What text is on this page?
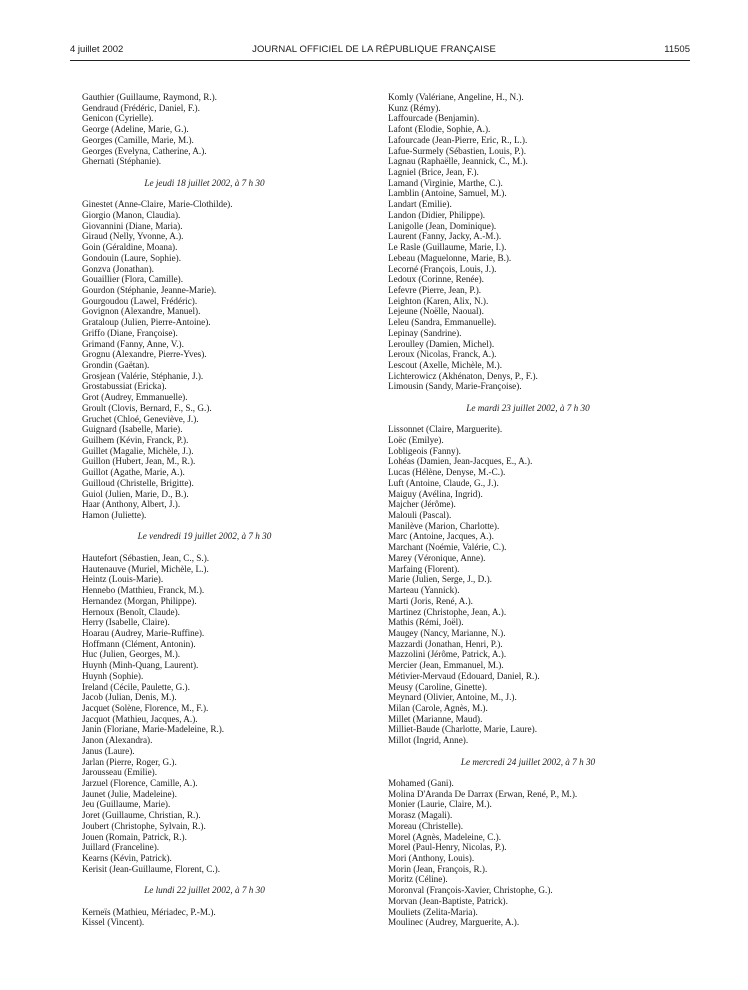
4 juillet 2002	JOURNAL OFFICIEL DE LA RÉPUBLIQUE FRANÇAISE	11505
Gauthier (Guillaume, Raymond, R.).
Gendraud (Frédéric, Daniel, F.).
Genicon (Cyrielle).
George (Adeline, Marie, G.).
Georges (Camille, Marie, M.).
Georges (Evelyna, Catherine, A.).
Ghernati (Stéphanie).
Le jeudi 18 juillet 2002, à 7 h 30
Ginestet (Anne-Claire, Marie-Clothilde).
Giorgio (Manon, Claudia).
Giovannini (Diane, Maria).
Giraud (Nelly, Yvonne, A.).
Goin (Géraldine, Moana).
Gondouin (Laure, Sophie).
Gonzva (Jonathan).
Gouaillier (Flora, Camille).
Gourdon (Stéphanie, Jeanne-Marie).
Gourgoudou (Lawel, Frédéric).
Govignon (Alexandre, Manuel).
Grataloup (Julien, Pierre-Antoine).
Griffo (Diane, Françoise).
Grimand (Fanny, Anne, V.).
Grognu (Alexandre, Pierre-Yves).
Grondin (Gaëtan).
Grosjean (Valérie, Stéphanie, J.).
Grostabussiat (Ericka).
Grot (Audrey, Emmanuelle).
Groult (Clovis, Bernard, F., S., G.).
Gruchet (Chloé, Geneviève, J.).
Guignard (Isabelle, Marie).
Guilhem (Kévin, Franck, P.).
Guillet (Magalie, Michèle, J.).
Guillon (Hubert, Jean, M., R.).
Guillot (Agathe, Marie, A.).
Guilloud (Christelle, Brigitte).
Guiol (Julien, Marie, D., B.).
Haar (Anthony, Albert, J.).
Hamon (Juliette).
Le vendredi 19 juillet 2002, à 7 h 30
Hautefort (Sébastien, Jean, C., S.).
Hautenauve (Muriel, Michèle, L.).
Heintz (Louis-Marie).
Hennebo (Matthieu, Franck, M.).
Hernandez (Morgan, Philippe).
Hernoux (Benoît, Claude).
Herry (Isabelle, Claire).
Hoarau (Audrey, Marie-Ruffine).
Hoffmann (Clément, Antonin).
Huc (Julien, Georges, M.).
Huynh (Minh-Quang, Laurent).
Huynh (Sophie).
Ireland (Cécile, Paulette, G.).
Jacob (Julian, Denis, M.).
Jacquet (Solène, Florence, M., F.).
Jacquot (Mathieu, Jacques, A.).
Janin (Floriane, Marie-Madeleine, R.).
Janon (Alexandra).
Janus (Laure).
Jarlan (Pierre, Roger, G.).
Jarousseau (Emilie).
Jarzuel (Florence, Camille, A.).
Jaunet (Julie, Madeleine).
Jeu (Guillaume, Marie).
Joret (Guillaume, Christian, R.).
Joubert (Christophe, Sylvain, R.).
Jouen (Romain, Patrick, R.).
Juillard (Franceline).
Kearns (Kévin, Patrick).
Kerisit (Jean-Guillaume, Florent, C.).
Le lundi 22 juillet 2002, à 7 h 30
Kerneïs (Mathieu, Mériadec, P.-M.).
Kissel (Vincent).
Komly (Valériane, Angeline, H., N.).
Kunz (Rémy).
Laffourcade (Benjamin).
Lafont (Elodie, Sophie, A.).
Lafourcade (Jean-Pierre, Eric, R., L.).
Lafue-Surmely (Sébastien, Louis, P.).
Lagnau (Raphaëlle, Jeannick, C., M.).
Lagniel (Brice, Jean, F.).
Lamand (Virginie, Marthe, C.).
Lamblin (Antoine, Samuel, M.).
Landart (Emilie).
Landon (Didier, Philippe).
Lanigolle (Jean, Dominique).
Laurent (Fanny, Jacky, A.-M.).
Le Rasle (Guillaume, Marie, I.).
Lebeau (Maguelonne, Marie, B.).
Lecorné (François, Louis, J.).
Ledoux (Corinne, Renée).
Lefevre (Pierre, Jean, P.).
Leighton (Karen, Alix, N.).
Lejeune (Noëlle, Naoual).
Leleu (Sandra, Emmanuelle).
Lepinay (Sandrine).
Leroulley (Damien, Michel).
Leroux (Nicolas, Franck, A.).
Lescout (Axelle, Michèle, M.).
Lichterowicz (Akhénaton, Denys, P., F.).
Limousin (Sandy, Marie-Françoise).
Le mardi 23 juillet 2002, à 7 h 30
Lissonnet (Claire, Marguerite).
Loëc (Emilye).
Lobligeois (Fanny).
Lohéas (Damien, Jean-Jacques, E., A.).
Lucas (Hélène, Denyse, M.-C.).
Luft (Antoine, Claude, G., J.).
Maiguy (Avélina, Ingrid).
Majcher (Jérôme).
Malouli (Pascal).
Manilève (Marion, Charlotte).
Marc (Antoine, Jacques, A.).
Marchant (Noémie, Valérie, C.).
Marey (Véronique, Anne).
Marfaing (Florent).
Marie (Julien, Serge, J., D.).
Marteau (Yannick).
Marti (Joris, René, A.).
Martinez (Christophe, Jean, A.).
Mathis (Rémi, Joël).
Maugey (Nancy, Marianne, N.).
Mazzardi (Jonathan, Henri, P.).
Mazzolini (Jérôme, Patrick, A.).
Mercier (Jean, Emmanuel, M.).
Métivier-Mervaud (Edouard, Daniel, R.).
Meusy (Caroline, Ginette).
Meynard (Olivier, Antoine, M., J.).
Milan (Carole, Agnès, M.).
Millet (Marianne, Maud).
Milliet-Baude (Charlotte, Marie, Laure).
Millot (Ingrid, Anne).
Le mercredi 24 juillet 2002, à 7 h 30
Mohamed (Gani).
Molina D'Aranda De Darrax (Erwan, René, P., M.).
Monier (Laurie, Claire, M.).
Morasz (Magali).
Moreau (Christelle).
Morel (Agnès, Madeleine, C.).
Morel (Paul-Henry, Nicolas, P.).
Mori (Anthony, Louis).
Morin (Jean, François, R.).
Moritz (Céline).
Moronval (François-Xavier, Christophe, G.).
Morvan (Jean-Baptiste, Patrick).
Mouliets (Zelita-Maria).
Moulinec (Audrey, Marguerite, A.).
